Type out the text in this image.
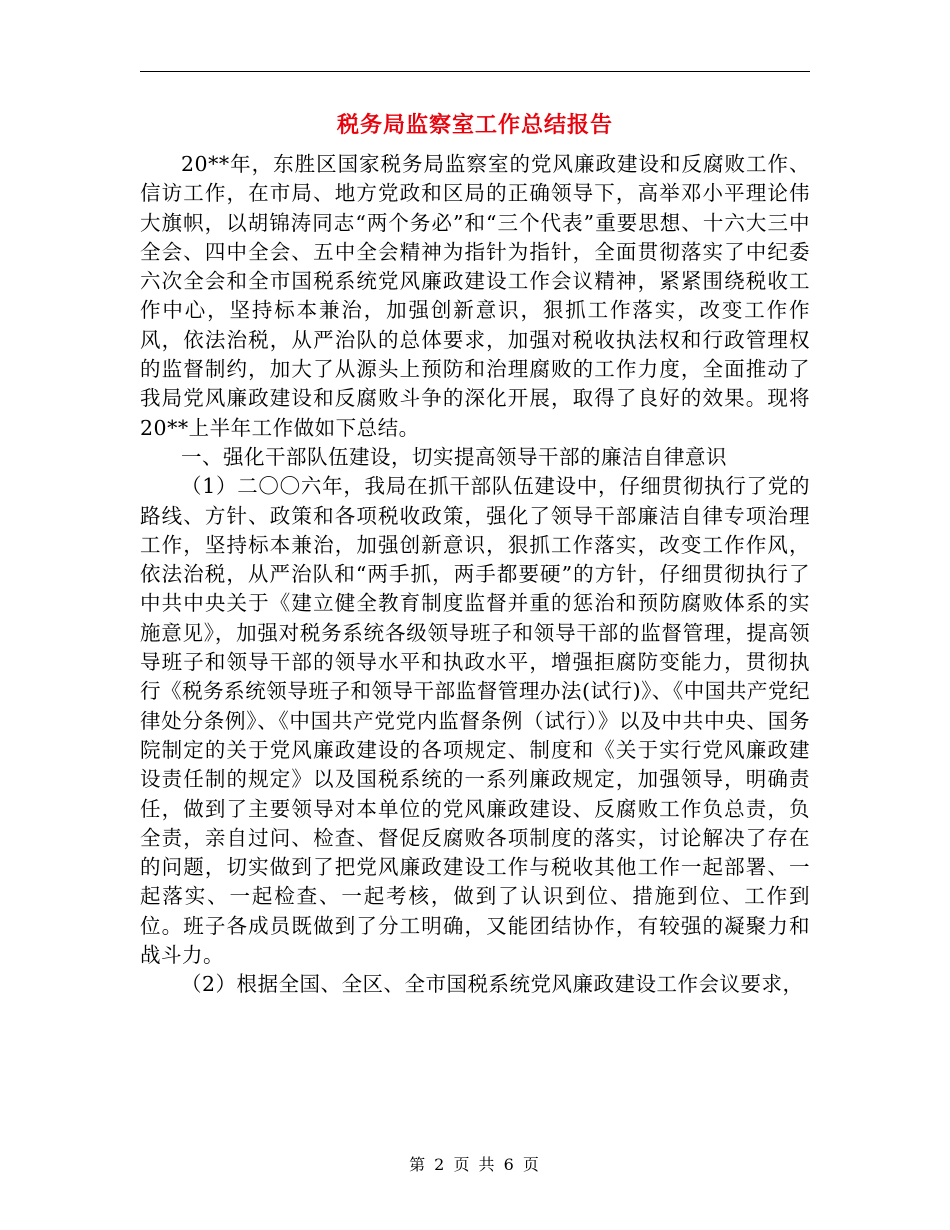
税务局监察室工作总结报告

20**年，东胜区国家税务局监察室的党风廉政建设和反腐败工作、信访工作，在市局、地方党政和区局的正确领导下，高举邓小平理论伟大旗帜，以胡锦涛同志“两个务必”和“三个代表”重要思想、十六大三中全会、四中全会、五中全会精神为指针为指针，全面贯彻落实了中纪委六次全会和全市国税系统党风廉政建设工作会议精神，紧紧围绕税收工作中心，坚持标本兼治，加强创新意识，狠抓工作落实，改变工作作风，依法治税，从严治队的总体要求，加强对税收执法权和行政管理权的监督制约，加大了从源头上预防和治理腐败的工作力度，全面推动了我局党风廉政建设和反腐败斗争的深化开展，取得了良好的效果。现将20**上半年工作做如下总结。

一、强化干部队伍建设，切实提高领导干部的廉洁自律意识

（1）二〇〇六年，我局在抓干部队伍建设中，仔细贯彻执行了党的路线、方针、政策和各项税收政策，强化了领导干部廉洁自律专项治理工作，坚持标本兼治，加强创新意识，狠抓工作落实，改变工作作风，依法治税，从严治队和“两手抓，两手都要硬”的方针，仔细贯彻执行了中共中央关于《建立健全教育制度监督并重的惩治和预防腐败体系的实施意见》，加强对税务系统各级领导班子和领导干部的监督管理，提高领导班子和领导干部的领导水平和执政水平，增强拒腐防变能力，贯彻执行《税务系统领导班子和领导干部监督管理办法(试行)》、《中国共产党纪律处分条例》、《中国共产党党内监督条例（试行）》以及中共中央、国务院制定的关于党风廉政建设的各项规定、制度和《关于实行党风廉政建设责任制的规定》以及国税系统的一系列廉政规定，加强领导，明确责任，做到了主要领导对本单位的党风廉政建设、反腐败工作负总责，负全责，亲自过问、检查、督促反腐败各项制度的落实，讨论解决了存在的问题，切实做到了把党风廉政建设工作与税收其他工作一起部署、一起落实、一起检查、一起考核，做到了认识到位、措施到位、工作到位。班子各成员既做到了分工明确，又能团结协作，有较强的凝聚力和战斗力。

（2）根据全国、全区、全市国税系统党风廉政建设工作会议要求，

第 2 页 共 6 页
